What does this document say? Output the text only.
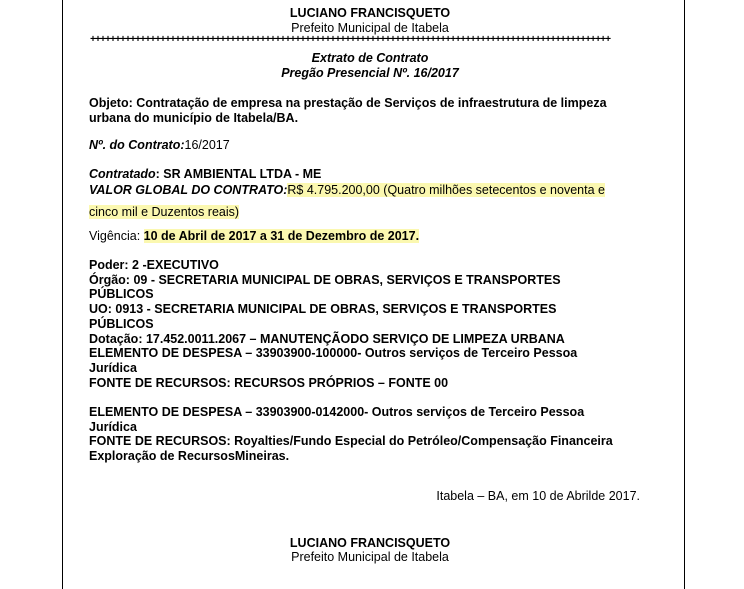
LUCIANO FRANCISQUETO
Prefeito Municipal de Itabela
++++++++++++++++++++++++++++++++++++++++++++++++++++++++++++++++++++++++++++++++++++++++++++++++++++++++
Extrato de Contrato
Pregão Presencial Nº. 16/2017
Objeto: Contratação de empresa na prestação de Serviços de infraestrutura de limpeza
urbana do município de Itabela/BA.
Nº. do Contrato:16/2017
Contratado: SR AMBIENTAL LTDA - ME
VALOR GLOBAL DO CONTRATO:R$ 4.795.200,00 (Quatro milhões setecentos e noventa e
cinco mil e Duzentos reais)
Vigência: 10 de Abril de 2017 a 31 de Dezembro de 2017.
Poder: 2 -EXECUTIVO
Órgão: 09 - SECRETARIA MUNICIPAL DE OBRAS, SERVIÇOS E TRANSPORTES
PÚBLICOS
UO: 0913 - SECRETARIA MUNICIPAL DE OBRAS, SERVIÇOS E TRANSPORTES
PÚBLICOS
Dotação: 17.452.0011.2067 – MANUTENÇÃODO SERVIÇO DE LIMPEZA URBANA
ELEMENTO DE DESPESA – 33903900-100000- Outros serviços de Terceiro Pessoa
Jurídica
FONTE DE RECURSOS: RECURSOS PRÓPRIOS – FONTE 00
ELEMENTO DE DESPESA – 33903900-0142000- Outros serviços de Terceiro Pessoa
Jurídica
FONTE DE RECURSOS: Royalties/Fundo Especial do Petróleo/Compensação Financeira
Exploração de RecursosMineiras.
Itabela – BA, em 10 de Abrilde 2017.
LUCIANO FRANCISQUETO
Prefeito Municipal de Itabela
